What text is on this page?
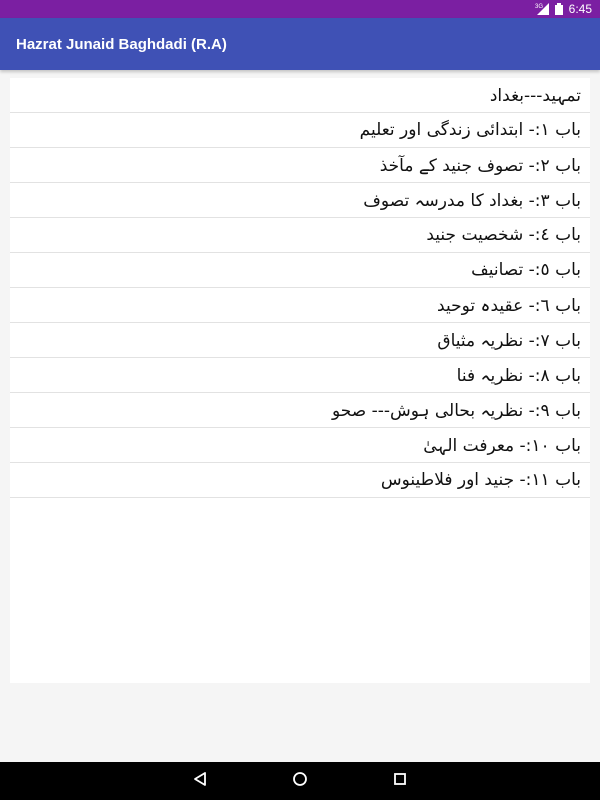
3G 6:45
Hazrat Junaid Baghdadi (R.A)
تمہید---بغداد
باب ۱:- ابتدائی زندگی اور تعلیم
باب ۲:- تصوف جنید کے مآخذ
باب ۳:- بغداد کا مدرسہ تصوف
باب ٤:- شخصیت جنید
باب ٥:- تصانیف
باب ٦:- عقیدہ توحید
باب ۷:- نظریہ مثیاق
باب ۸:- نظریہ فنا
باب ۹:- نظریہ بحالی ہوش--- صحو
باب ۱۰:- معرفت الہیٰ
باب ۱۱:- جنید اور فلاطینوس
